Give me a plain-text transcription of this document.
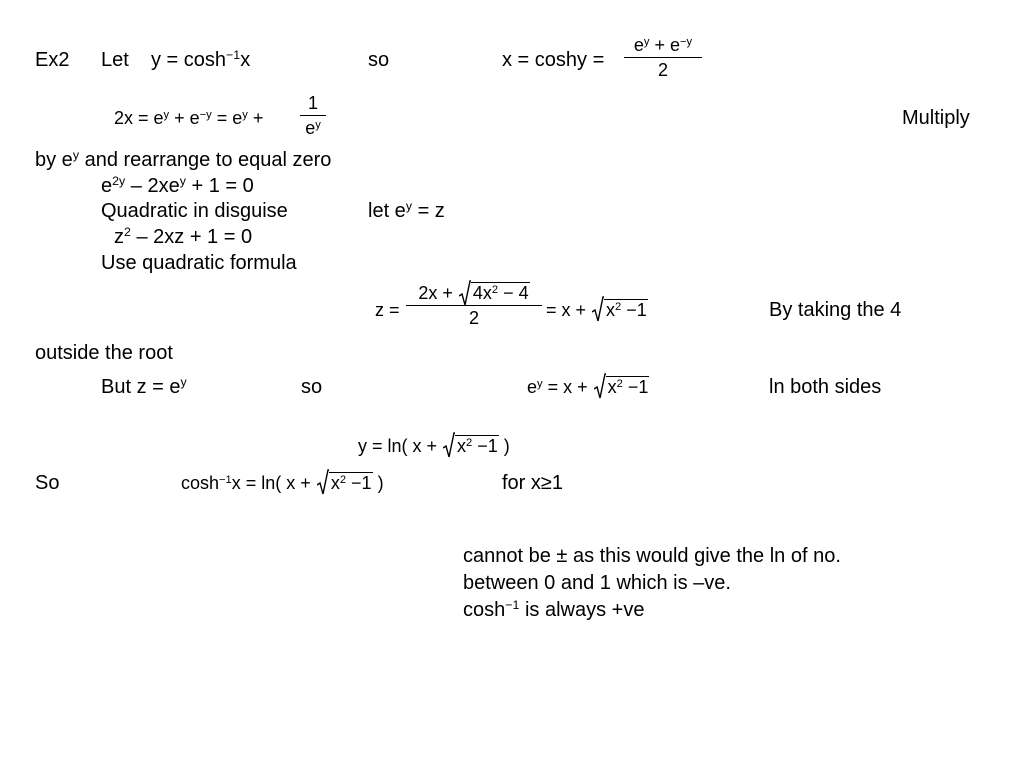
Ex2 Let $y = \cosh^{-1}x$	so	x = coshy =
$e^y + e^{-y}$
2
$2x = e^y + e^{-y} = e^y$ +
1
$e^y$	Multiply
by $e^y$ and rearrange to equal zero
$e^{2y} - 2xe^y + 1 = 0$
Quadratic in disguise	let $e^y = z$
$z^2 - 2xz + 1 = 0$
Use quadratic formula
z =
$2x + 4x^2 - 4$
2	= $x + x^2 -1$	By taking the 4
outside the root
But $z = e^y$	so	$e^y = x + x^2 -1$	ln both sides
y = ln( $x + x^2 -1$ )
So	$\cosh^{-1}x = \ln$( $x + x^2 -1$ )	for x≥1
cannot be ± as this would give the ln of no.
between 0 and 1 which is –ve.
$\cosh^{-1}$ is always +ve
